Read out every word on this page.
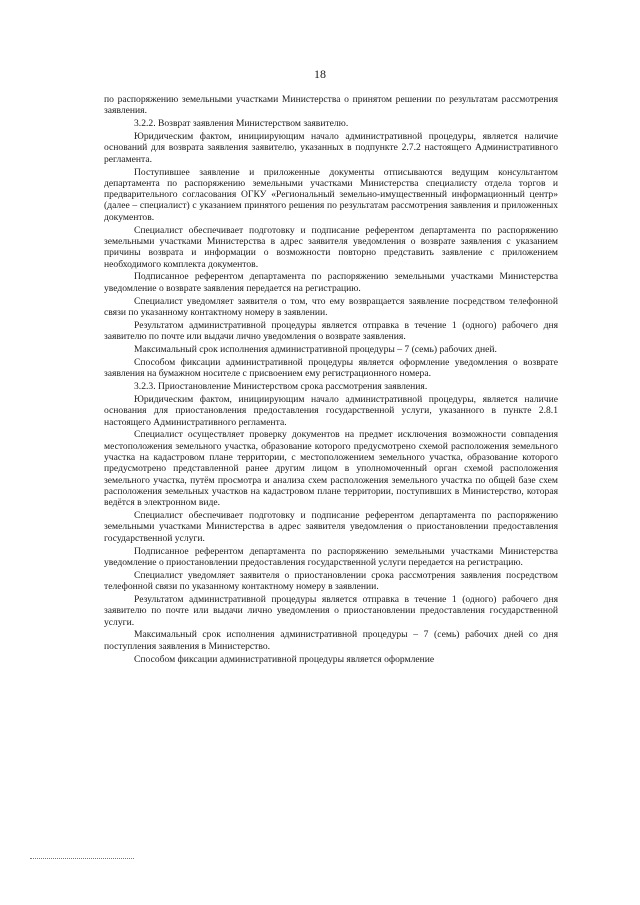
18

по распоряжению земельными участками Министерства о принятом решении по результатам рассмотрения заявления.

3.2.2. Возврат заявления Министерством заявителю.

Юридическим фактом, инициирующим начало административной процедуры, является наличие оснований для возврата заявления заявителю, указанных в подпункте 2.7.2 настоящего Административного регламента.

Поступившее заявление и приложенные документы отписываются ведущим консультантом департамента по распоряжению земельными участками Министерства специалисту отдела торгов и предварительного согласования ОГКУ «Региональный земельно-имущественный информационный центр» (далее – специалист) с указанием принятого решения по результатам рассмотрения заявления и приложенных документов.

Специалист обеспечивает подготовку и подписание референтом департамента по распоряжению земельными участками Министерства в адрес заявителя уведомления о возврате заявления с указанием причины возврата и информации о возможности повторно представить заявление с приложением необходимого комплекта документов.

Подписанное референтом департамента по распоряжению земельными участками Министерства уведомление о возврате заявления передается на регистрацию.

Специалист уведомляет заявителя о том, что ему возвращается заявление посредством телефонной связи по указанному контактному номеру в заявлении.

Результатом административной процедуры является отправка в течение 1 (одного) рабочего дня заявителю по почте или выдачи лично уведомления о возврате заявления.

Максимальный срок исполнения административной процедуры – 7 (семь) рабочих дней.

Способом фиксации административной процедуры является оформление уведомления о возврате заявления на бумажном носителе с присвоением ему регистрационного номера.

3.2.3. Приостановление Министерством срока рассмотрения заявления.

Юридическим фактом, инициирующим начало административной процедуры, является наличие основания для приостановления предоставления государственной услуги, указанного в пункте 2.8.1 настоящего Административного регламента.

Специалист осуществляет проверку документов на предмет исключения возможности совпадения местоположения земельного участка, образование которого предусмотрено схемой расположения земельного участка на кадастровом плане территории, с местоположением земельного участка, образование которого предусмотрено представленной ранее другим лицом в уполномоченный орган схемой расположения земельного участка, путём просмотра и анализа схем расположения земельного участка по общей базе схем расположения земельных участков на кадастровом плане территории, поступивших в Министерство, которая ведётся в электронном виде.

Специалист обеспечивает подготовку и подписание референтом департамента по распоряжению земельными участками Министерства в адрес заявителя уведомления о приостановлении предоставления государственной услуги.

Подписанное референтом департамента по распоряжению земельными участками Министерства уведомление о приостановлении предоставления государственной услуги передается на регистрацию.

Специалист уведомляет заявителя о приостановлении срока рассмотрения заявления посредством телефонной связи по указанному контактному номеру в заявлении.

Результатом административной процедуры является отправка в течение 1 (одного) рабочего дня заявителю по почте или выдачи лично уведомления о приостановлении предоставления государственной услуги.

Максимальный срок исполнения административной процедуры – 7 (семь) рабочих дней со дня поступления заявления в Министерство.

Способом фиксации административной процедуры является оформление
